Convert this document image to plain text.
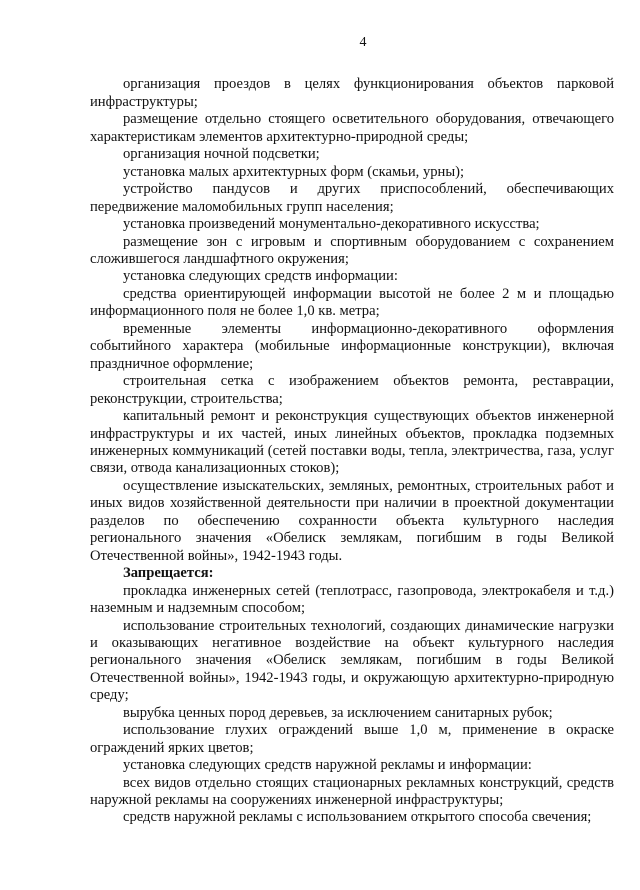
4

организация проездов в целях функционирования объектов парковой инфраструктуры;

размещение отдельно стоящего осветительного оборудования, отвечающего характеристикам элементов архитектурно-природной среды;

организация ночной подсветки;

установка малых архитектурных форм (скамьи, урны);

устройство пандусов и других приспособлений, обеспечивающих передвижение маломобильных групп населения;

установка произведений монументально-декоративного искусства;

размещение зон с игровым и спортивным оборудованием с сохранением сложившегося ландшафтного окружения;

установка следующих средств информации:

средства ориентирующей информации высотой не более 2 м и площадью информационного поля не более 1,0 кв. метра;

временные элементы информационно-декоративного оформления событийного характера (мобильные информационные конструкции), включая праздничное оформление;

строительная сетка с изображением объектов ремонта, реставрации, реконструкции, строительства;

капитальный ремонт и реконструкция существующих объектов инженерной инфраструктуры и их частей, иных линейных объектов, прокладка подземных инженерных коммуникаций (сетей поставки воды, тепла, электричества, газа, услуг связи, отвода канализационных стоков);

осуществление изыскательских, земляных, ремонтных, строительных работ и иных видов хозяйственной деятельности при наличии в проектной документации разделов по обеспечению сохранности объекта культурного наследия регионального значения «Обелиск землякам, погибшим в годы Великой Отечественной войны», 1942-1943 годы.

Запрещается:

прокладка инженерных сетей (теплотрасс, газопровода, электрокабеля и т.д.) наземным и надземным способом;

использование строительных технологий, создающих динамические нагрузки и оказывающих негативное воздействие на объект культурного наследия регионального значения «Обелиск землякам, погибшим в годы Великой Отечественной войны», 1942-1943 годы, и окружающую архитектурно-природную среду;

вырубка ценных пород деревьев, за исключением санитарных рубок;

использование глухих ограждений выше 1,0 м, применение в окраске ограждений ярких цветов;

установка следующих средств наружной рекламы и информации:

всех видов отдельно стоящих стационарных рекламных конструкций, средств наружной рекламы на сооружениях инженерной инфраструктуры;

средств наружной рекламы с использованием открытого способа свечения;
